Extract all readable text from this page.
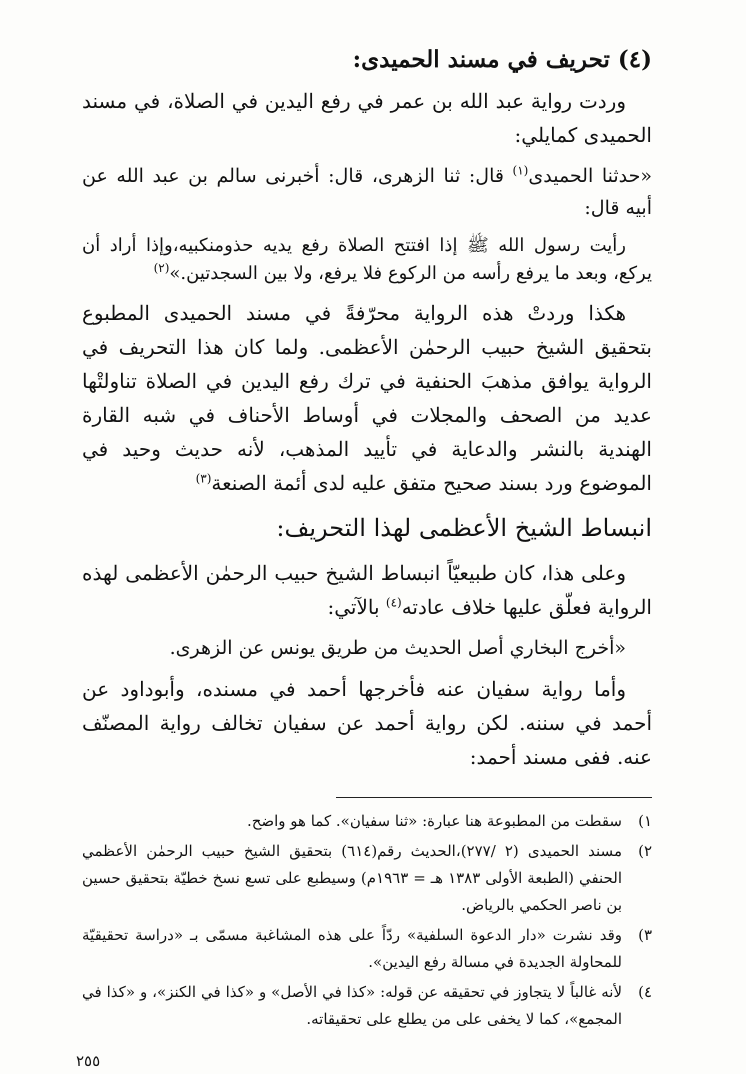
(٤) تحريف في مسند الحميدى:

وردت رواية عبد الله بن عمر في رفع اليدين في الصلاة، في مسند الحميدى كمايلي:

«حدثنا الحميدى$^{(١)}$ قال: ثنا الزهرى، قال: أخبرنى سالم بن عبد الله عن أبيه قال:

رأيت رسول الله ﷺ إذا افتتح الصلاة رفع يديه حذومنكبيه،وإذا أراد أن يركع، وبعد ما يرفع رأسه من الركوع فلا يرفع، ولا بين السجدتين.»$^{(٢)}$

هكذا وردتْ هذه الرواية محرّفةً في مسند الحميدى المطبوع بتحقيق الشيخ حبيب الرحمٰن الأعظمى. ولما كان هذا التحريف في الرواية يوافق مذهبَ الحنفية في ترك رفع اليدين في الصلاة تناولتْها عديد من الصحف والمجلات في أوساط الأحناف في شبه القارة الهندية بالنشر والدعاية في تأييد المذهب، لأنه حديث وحيد في الموضوع ورد بسند صحيح متفق عليه لدى أئمة الصنعة$^{(٣)}$

انبساط الشيخ الأعظمى لهذا التحريف:

وعلى هذا، كان طبيعيّاً انبساط الشيخ حبيب الرحمٰن الأعظمى لهذه الرواية فعلّق عليها خلاف عادته$^{(٤)}$ بالآتي:

«أخرج البخاري أصل الحديث من طريق يونس عن الزهرى.

وأما رواية سفيان عنه فأخرجها أحمد في مسنده، وأبوداود عن أحمد في سننه. لكن رواية أحمد عن سفيان تخالف رواية المصنّف عنه. ففى مسند أحمد:

١)
سقطت من المطبوعة هنا عبارة: «ثنا سفيان». كما هو واضح.
٢)
مسند الحميدى (٢ /٢٧٧)،الحديث رقم(٦١٤) بتحقيق الشيخ حبيب الرحمٰن الأعظمي الحنفي (الطبعة الأولى ١٣٨٣ هـ = ١٩٦٣م) وسيطبع على تسع نسخ خطيّة بتحقيق حسين بن ناصر الحكمي بالرياض.
٣)
وقد نشرت «دار الدعوة السلفية» ردّاً على هذه المشاغبة مسمّى بـ «دراسة تحقيقيّة للمحاولة الجديدة في مسالة رفع اليدين».
٤)
لأنه غالباً لا يتجاوز في تحقيقه عن قوله: «كذا في الأصل» و «كذا في الكنز»، و «كذا في المجمع»، كما لا يخفى على من يطلع على تحقيقاته.
٢٥٥
